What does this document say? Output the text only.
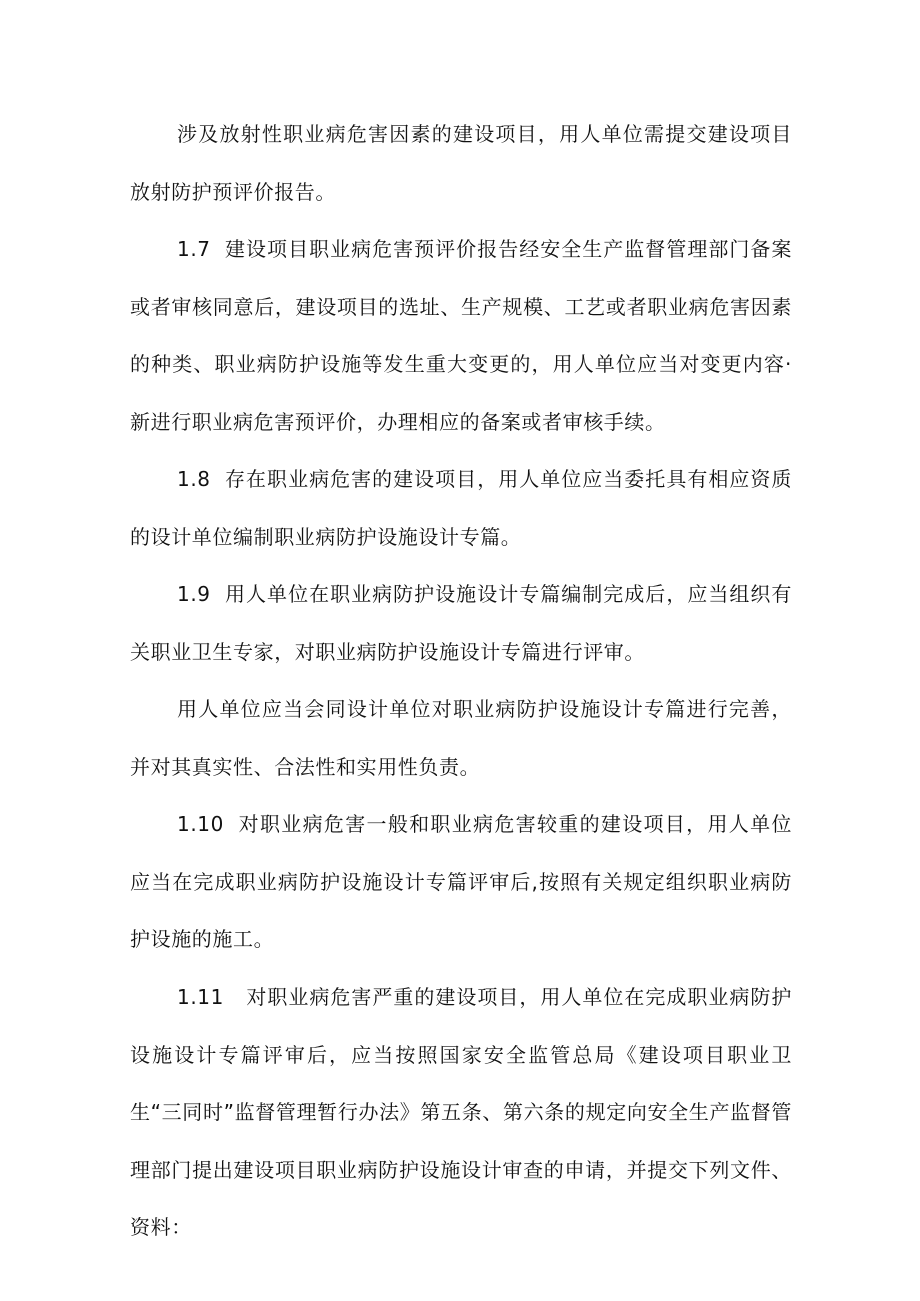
涉及放射性职业病危害因素的建设项目，用人单位需提交建设项目放射防护预评价报告。

1.7 建设项目职业病危害预评价报告经安全生产监督管理部门备案或者审核同意后，建设项目的选址、生产规模、工艺或者职业病危害因素的种类、职业病防护设施等发生重大变更的，用人单位应当对变更内容·新进行职业病危害预评价，办理相应的备案或者审核手续。

1.8 存在职业病危害的建设项目，用人单位应当委托具有相应资质的设计单位编制职业病防护设施设计专篇。

1.9 用人单位在职业病防护设施设计专篇编制完成后，应当组织有关职业卫生专家，对职业病防护设施设计专篇进行评审。

用人单位应当会同设计单位对职业病防护设施设计专篇进行完善，并对其真实性、合法性和实用性负责。

1.10 对职业病危害一般和职业病危害较重的建设项目，用人单位应当在完成职业病防护设施设计专篇评审后,按照有关规定组织职业病防护设施的施工。

1.11 对职业病危害严重的建设项目，用人单位在完成职业病防护设施设计专篇评审后，应当按照国家安全监管总局《建设项目职业卫生“三同时”监督管理暂行办法》第五条、第六条的规定向安全生产监督管理部门提出建设项目职业病防护设施设计审查的申请，并提交下列文件、资料：
